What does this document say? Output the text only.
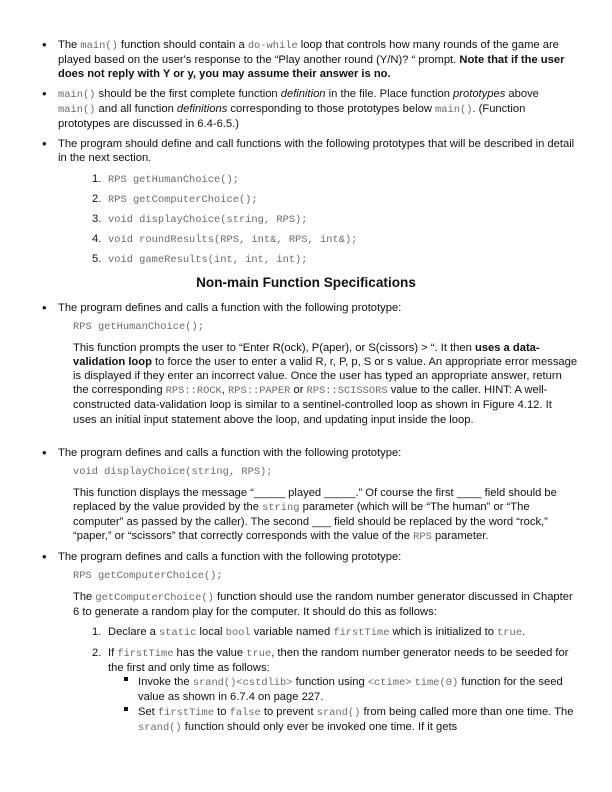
• The main() function should contain a do-while loop that controls how many rounds of the game are played based on the user's response to the “Play another round (Y/N)? “ prompt. Note that if the user does not reply with Y or y, you may assume their answer is no.
• main() should be the first complete function definition in the file. Place function prototypes above main() and all function definitions corresponding to those prototypes below main(). (Function prototypes are discussed in 6.4-6.5.)
• The program should define and call functions with the following prototypes that will be described in detail in the next section.
1. RPS getHumanChoice();
2. RPS getComputerChoice();
3. void displayChoice(string, RPS);
4. void roundResults(RPS, int&, RPS, int&);
5. void gameResults(int, int, int);
Non-main Function Specifications
• The program defines and calls a function with the following prototype:
RPS getHumanChoice();
This function prompts the user to “Enter R(ock), P(aper), or S(cissors) > “. It then uses a data-validation loop to force the user to enter a valid R, r, P, p, S or s value. An appropriate error message is displayed if they enter an incorrect value. Once the user has typed an appropriate answer, return the corresponding RPS::ROCK, RPS::PAPER or RPS::SCISSORS value to the caller. HINT: A well-constructed data-validation loop is similar to a sentinel-controlled loop as shown in Figure 4.12. It uses an initial input statement above the loop, and updating input inside the loop.
• The program defines and calls a function with the following prototype:
void displayChoice(string, RPS);
This function displays the message “_____ played _____.” Of course the first ____ field should be replaced by the value provided by the string parameter (which will be “The human” or “The computer” as passed by the caller). The second ___ field should be replaced by the word “rock,” “paper,” or “scissors” that correctly corresponds with the value of the RPS parameter.
• The program defines and calls a function with the following prototype:
RPS getComputerChoice();
The getComputerChoice() function should use the random number generator discussed in Chapter 6 to generate a random play for the computer. It should do this as follows:
1. Declare a static local bool variable named firstTime which is initialized to true.
2. If firstTime has the value true, then the random number generator needs to be seeded for the first and only time as follows:
Invoke the srand()<cstdlib> function using <ctime> time(0) function for the seed value as shown in 6.7.4 on page 227.
Set firstTime to false to prevent srand() from being called more than one time. The srand() function should only ever be invoked one time. If it gets
